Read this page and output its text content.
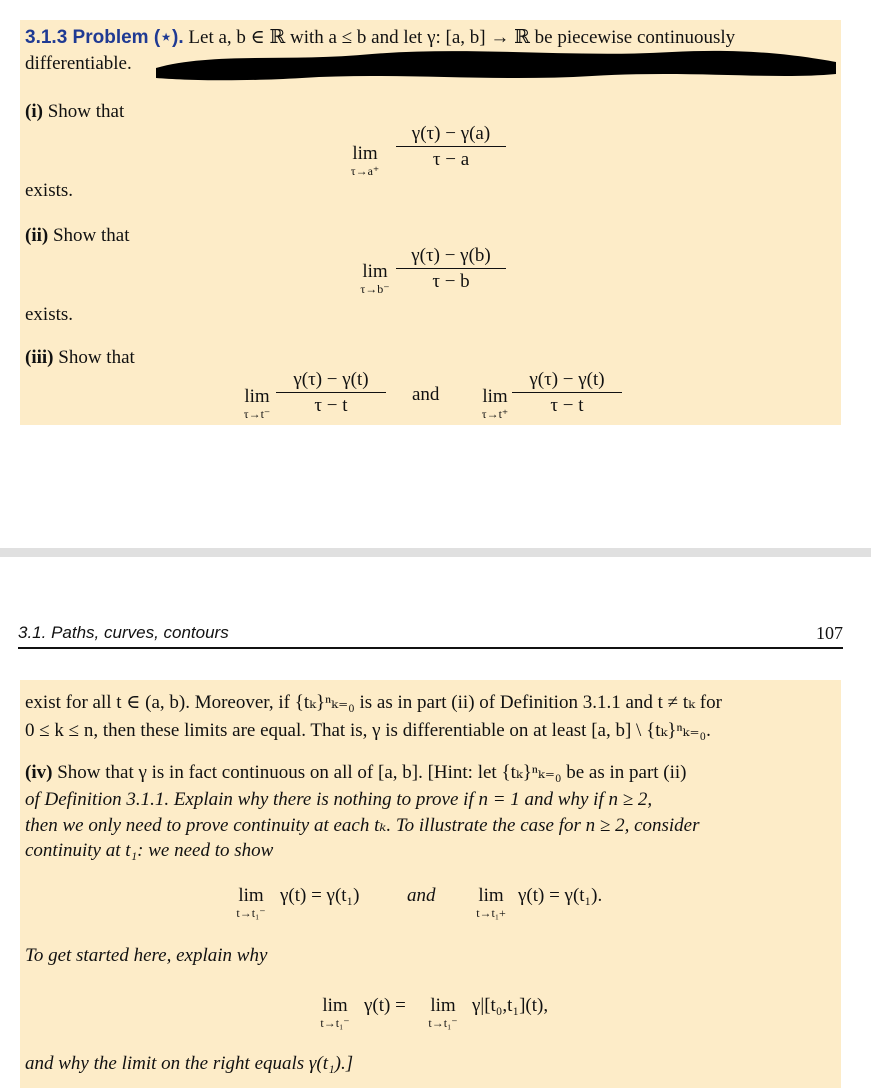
3.1.3 Problem (⋆). Let a, b ∈ ℝ with a ≤ b and let γ: [a, b] → ℝ be piecewise continuously
differentiable.
(i) Show that
lim
τ→a⁺
γ(τ) − γ(a)
τ − a
exists.
(ii) Show that
lim
τ→b⁻
γ(τ) − γ(b)
τ − b
exists.
(iii) Show that
lim
τ→t⁻
γ(τ) − γ(t)
τ − t
and	lim
τ→t⁺
γ(τ) − γ(t)
τ − t
3.1. Paths, curves, contours	107
exist for all t ∈ (a, b). Moreover, if {tₖ}ⁿₖ₌₀ is as in part (ii) of Definition 3.1.1 and t ≠ tₖ for
0 ≤ k ≤ n, then these limits are equal. That is, γ is differentiable on at least [a, b] \ {tₖ}ⁿₖ₌₀.
(iv) Show that γ is in fact continuous on all of [a, b]. [Hint: let {tₖ}ⁿₖ₌₀ be as in part (ii)
of Definition 3.1.1. Explain why there is nothing to prove if n = 1 and why if n ≥ 2,
then we only need to prove continuity at each tₖ. To illustrate the case for n ≥ 2, consider
continuity at t₁: we need to show
lim
t→t₁⁻
γ(t) = γ(t₁)	and	lim
t→t₁+
γ(t) = γ(t₁).
To get started here, explain why
lim
t→t₁⁻
γ(t) =	lim
t→t₁⁻
γ|[t₀,t₁](t),
and why the limit on the right equals γ(t₁).]
